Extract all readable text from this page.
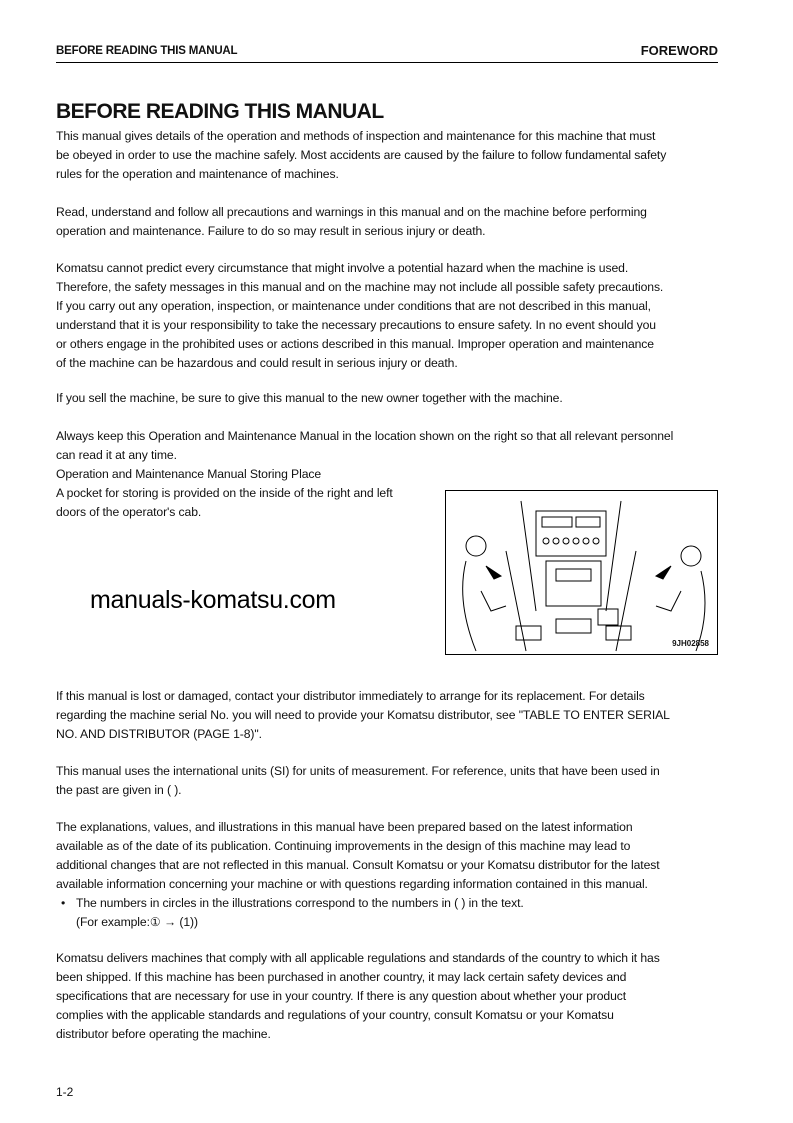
BEFORE READING THIS MANUAL	FOREWORD
BEFORE READING THIS MANUAL
This manual gives details of the operation and methods of inspection and maintenance for this machine that must
be obeyed in order to use the machine safely. Most accidents are caused by the failure to follow fundamental safety
rules for the operation and maintenance of machines.
Read, understand and follow all precautions and warnings in this manual and on the machine before performing
operation and maintenance. Failure to do so may result in serious injury or death.
Komatsu cannot predict every circumstance that might involve a potential hazard when the machine is used.
Therefore, the safety messages in this manual and on the machine may not include all possible safety precautions.
If you carry out any operation, inspection, or maintenance under conditions that are not described in this manual,
understand that it is your responsibility to take the necessary precautions to ensure safety. In no event should you
or others engage in the prohibited uses or actions described in this manual. Improper operation and maintenance
of the machine can be hazardous and could result in serious injury or death.
If you sell the machine, be sure to give this manual to the new owner together with the machine.
Always keep this Operation and Maintenance Manual in the location shown on the right so that all relevant personnel
can read it at any time.
Operation and Maintenance Manual Storing Place
A pocket for storing is provided on the inside of the right and left
doors of the operator's cab.
manuals-komatsu.com
9JH02858
If this manual is lost or damaged, contact your distributor immediately to arrange for its replacement. For details
regarding the machine serial No. you will need to provide your Komatsu distributor, see "TABLE TO ENTER SERIAL
NO. AND DISTRIBUTOR (PAGE 1-8)".
This manual uses the international units (SI) for units of measurement. For reference, units that have been used in
the past are given in ( ).
The explanations, values, and illustrations in this manual have been prepared based on the latest information
available as of the date of its publication. Continuing improvements in the design of this machine may lead to
additional changes that are not reflected in this manual. Consult Komatsu or your Komatsu distributor for the latest
available information concerning your machine or with questions regarding information contained in this manual.
• The numbers in circles in the illustrations correspond to the numbers in ( ) in the text.
(For example:① → (1))
Komatsu delivers machines that comply with all applicable regulations and standards of the country to which it has
been shipped. If this machine has been purchased in another country, it may lack certain safety devices and
specifications that are necessary for use in your country. If there is any question about whether your product
complies with the applicable standards and regulations of your country, consult Komatsu or your Komatsu
distributor before operating the machine.
1-2
